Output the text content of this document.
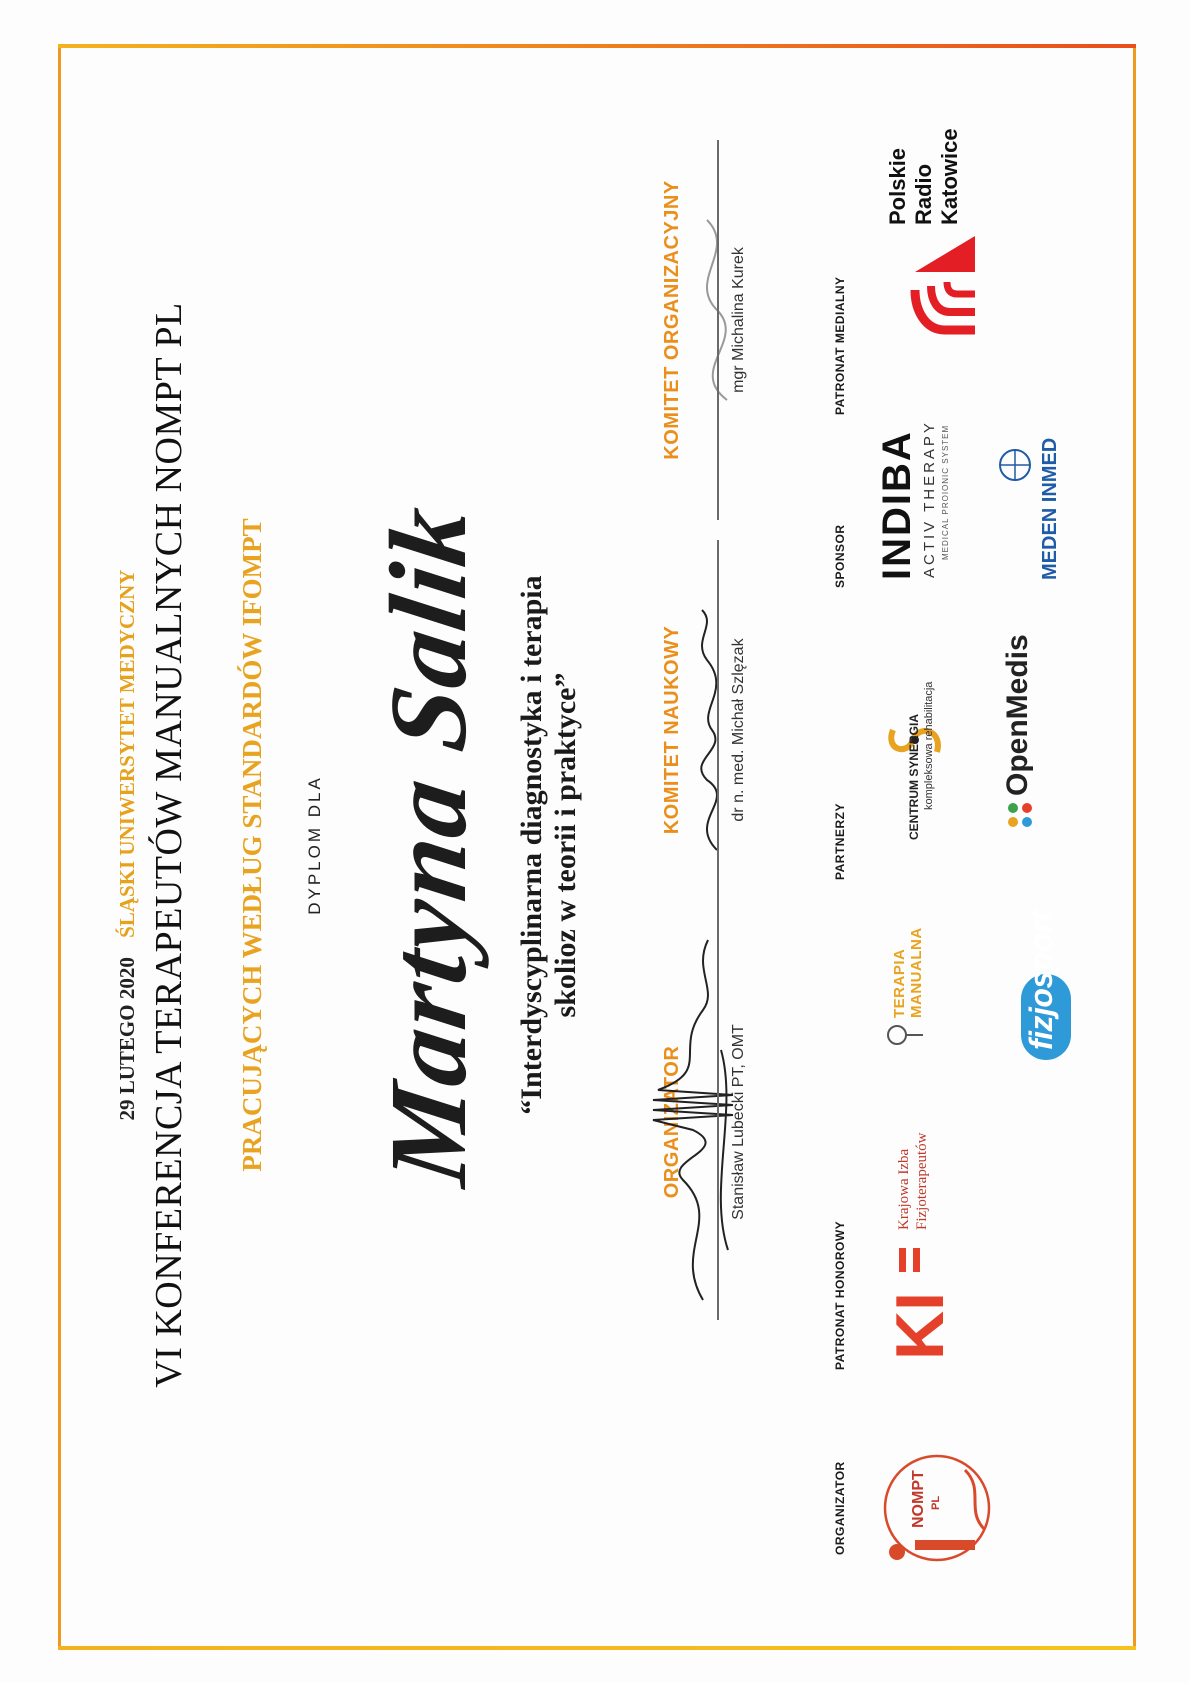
29 LUTEGO 2020 ŚLĄSKI UNIWERSYTET MEDYCZNY VI KONFERENCJA TERAPEUTÓW MANUALNYCH NOMPT PL PRACUJĄCYCH WEDŁUG STANDARDÓW IFOMPT DYPLOM DLA Martyna Salik “Interdyscyplinarna diagnostyka i terapia skolioz w teorii i praktyce”
ORGANIZATOR	Stanisław Lubecki PT, OMT
KOMITET NAUKOWY	dr n. med. Michał Szlęzak
KOMITET ORGANIZACYJNY	mgr Michalina Kurek
ORGANIZATOR
PATRONAT HONOROWY
PARTNERZY
SPONSOR
PATRONAT MEDIALNY
NOMPT PL
KI
Krajowa Izba Fizjoterapeutów
TERAPIA MANUALNA	fizjosport
CENTRUM SYNERGIA kompleksowa rehabilitacja OpenMedis
INDIBA ACTIV THERAPY MEDICAL PROIONIC SYSTEM	MEDEN INMED
Polskie Radio Katowice
